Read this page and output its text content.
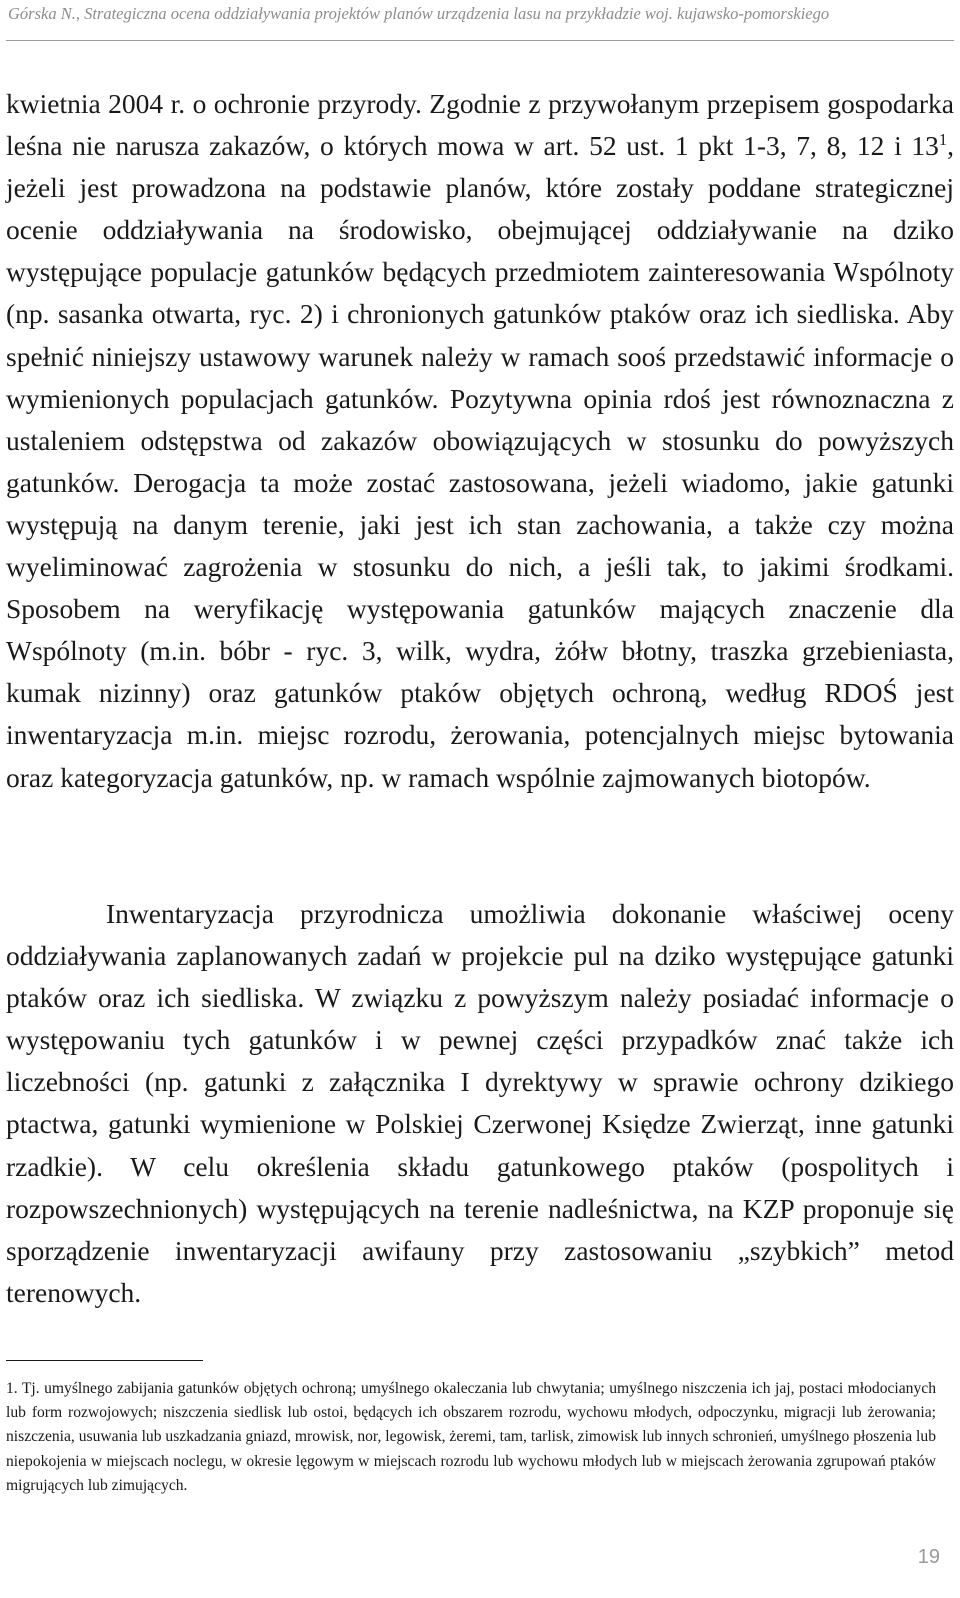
Górska N., Strategiczna ocena oddziaływania projektów planów urządzenia lasu na przykładzie woj. kujawsko-pomorskiego

kwietnia 2004 r. o ochronie przyrody. Zgodnie z przywołanym przepisem gospodarka leśna nie narusza zakazów, o których mowa w art. 52 ust. 1 pkt 1-3, 7, 8, 12 i $13^1$, jeżeli jest prowadzona na podstawie planów, które zostały poddane strategicznej ocenie oddziaływania na środowisko, obejmującej oddziaływanie na dziko występujące populacje gatunków będących przedmiotem zainteresowania Wspólnoty (np. sasanka otwarta, ryc. 2) i chronionych gatunków ptaków oraz ich siedliska. Aby spełnić niniejszy ustawowy warunek należy w ramach sooś przedstawić informacje o wymienionych populacjach gatunków. Pozytywna opinia rdoś jest równoznaczna z ustaleniem odstępstwa od zakazów obowiązujących w stosunku do powyższych gatunków. Derogacja ta może zostać zastosowana, jeżeli wiadomo, jakie gatunki występują na danym terenie, jaki jest ich stan zachowania, a także czy można wyeliminować zagrożenia w stosunku do nich, a jeśli tak, to jakimi środkami. Sposobem na weryfikację występowania gatunków mających znaczenie dla Wspólnoty (m.in. bóbr - ryc. 3, wilk, wydra, żółw błotny, traszka grzebieniasta, kumak nizinny) oraz gatunków ptaków objętych ochroną, według RDOŚ jest inwentaryzacja m.in. miejsc rozrodu, żerowania, potencjalnych miejsc bytowania oraz kategoryzacja gatunków, np. w ramach wspólnie zajmowanych biotopów.

Inwentaryzacja przyrodnicza umożliwia dokonanie właściwej oceny oddziaływania zaplanowanych zadań w projekcie pul na dziko występujące gatunki ptaków oraz ich siedliska. W związku z powyższym należy posiadać informacje o występowaniu tych gatunków i w pewnej części przypadków znać także ich liczebności (np. gatunki z załącznika I dyrektywy w sprawie ochrony dzikiego ptactwa, gatunki wymienione w Polskiej Czerwonej Księdze Zwierząt, inne gatunki rzadkie). W celu określenia składu gatunkowego ptaków (pospolitych i rozpowszechnionych) występujących na terenie nadleśnictwa, na KZP proponuje się sporządzenie inwentaryzacji awifauny przy zastosowaniu „szybkich” metod terenowych.

1. Tj. umyślnego zabijania gatunków objętych ochroną; umyślnego okaleczania lub chwytania; umyślnego niszczenia ich jaj, postaci młodocianych lub form rozwojowych; niszczenia siedlisk lub ostoi, będących ich obszarem rozrodu, wychowu młodych, odpoczynku, migracji lub żerowania; niszczenia, usuwania lub uszkadzania gniazd, mrowisk, nor, legowisk, żeremi, tam, tarlisk, zimowisk lub innych schronień, umyślnego płoszenia lub niepokojenia w miejscach noclegu, w okresie lęgowym w miejscach rozrodu lub wychowu młodych lub w miejscach żerowania zgrupowań ptaków migrujących lub zimujących.

19
